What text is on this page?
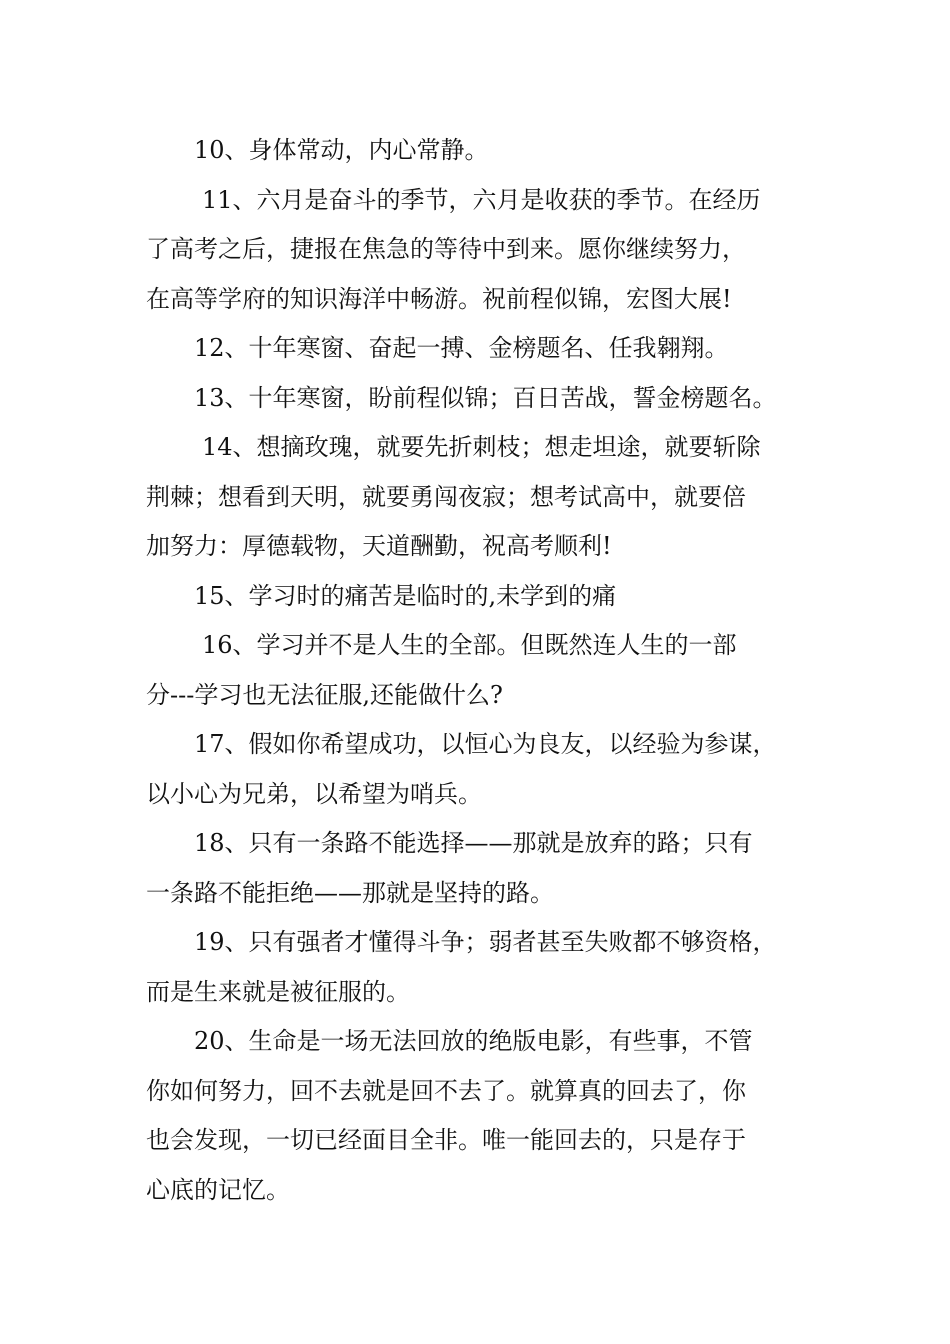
10、身体常动，内心常静。

11、六月是奋斗的季节，六月是收获的季节。在经历
了高考之后，捷报在焦急的等待中到来。愿你继续努力，
在高等学府的知识海洋中畅游。祝前程似锦，宏图大展!

12、十年寒窗、奋起一搏、金榜题名、任我翱翔。

13、十年寒窗，盼前程似锦；百日苦战，誓金榜题名。

14、想摘玫瑰，就要先折刺枝；想走坦途，就要斩除
荆棘；想看到天明，就要勇闯夜寂；想考试高中，就要倍
加努力：厚德载物，天道酬勤，祝高考顺利!

15、学习时的痛苦是临时的,未学到的痛

16、学习并不是人生的全部。但既然连人生的一部
分---学习也无法征服,还能做什么?

17、假如你希望成功，以恒心为良友，以经验为参谋，
以小心为兄弟，以希望为哨兵。

18、只有一条路不能选择——那就是放弃的路；只有
一条路不能拒绝——那就是坚持的路。

19、只有强者才懂得斗争；弱者甚至失败都不够资格，
而是生来就是被征服的。

20、生命是一场无法回放的绝版电影，有些事，不管
你如何努力，回不去就是回不去了。就算真的回去了，你
也会发现，一切已经面目全非。唯一能回去的，只是存于
心底的记忆。
